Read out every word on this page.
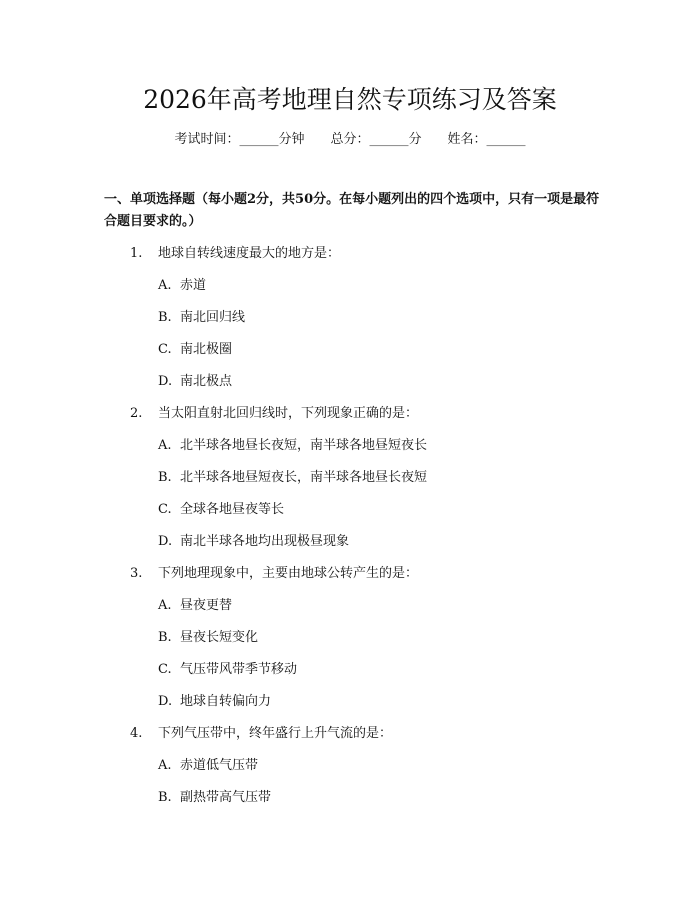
2026年高考地理自然专项练习及答案
考试时间：______分钟 总分：______分 姓名：______
一、单项选择题（每小题2分，共50分。在每小题列出的四个选项中，只有一项是最符合题目要求的。）
1. 地球自转线速度最大的地方是：
A. 赤道
B. 南北回归线
C. 南北极圈
D. 南北极点
2. 当太阳直射北回归线时，下列现象正确的是：
A. 北半球各地昼长夜短，南半球各地昼短夜长
B. 北半球各地昼短夜长，南半球各地昼长夜短
C. 全球各地昼夜等长
D. 南北半球各地均出现极昼现象
3. 下列地理现象中，主要由地球公转产生的是：
A. 昼夜更替
B. 昼夜长短变化
C. 气压带风带季节移动
D. 地球自转偏向力
4. 下列气压带中，终年盛行上升气流的是：
A. 赤道低气压带
B. 副热带高气压带
